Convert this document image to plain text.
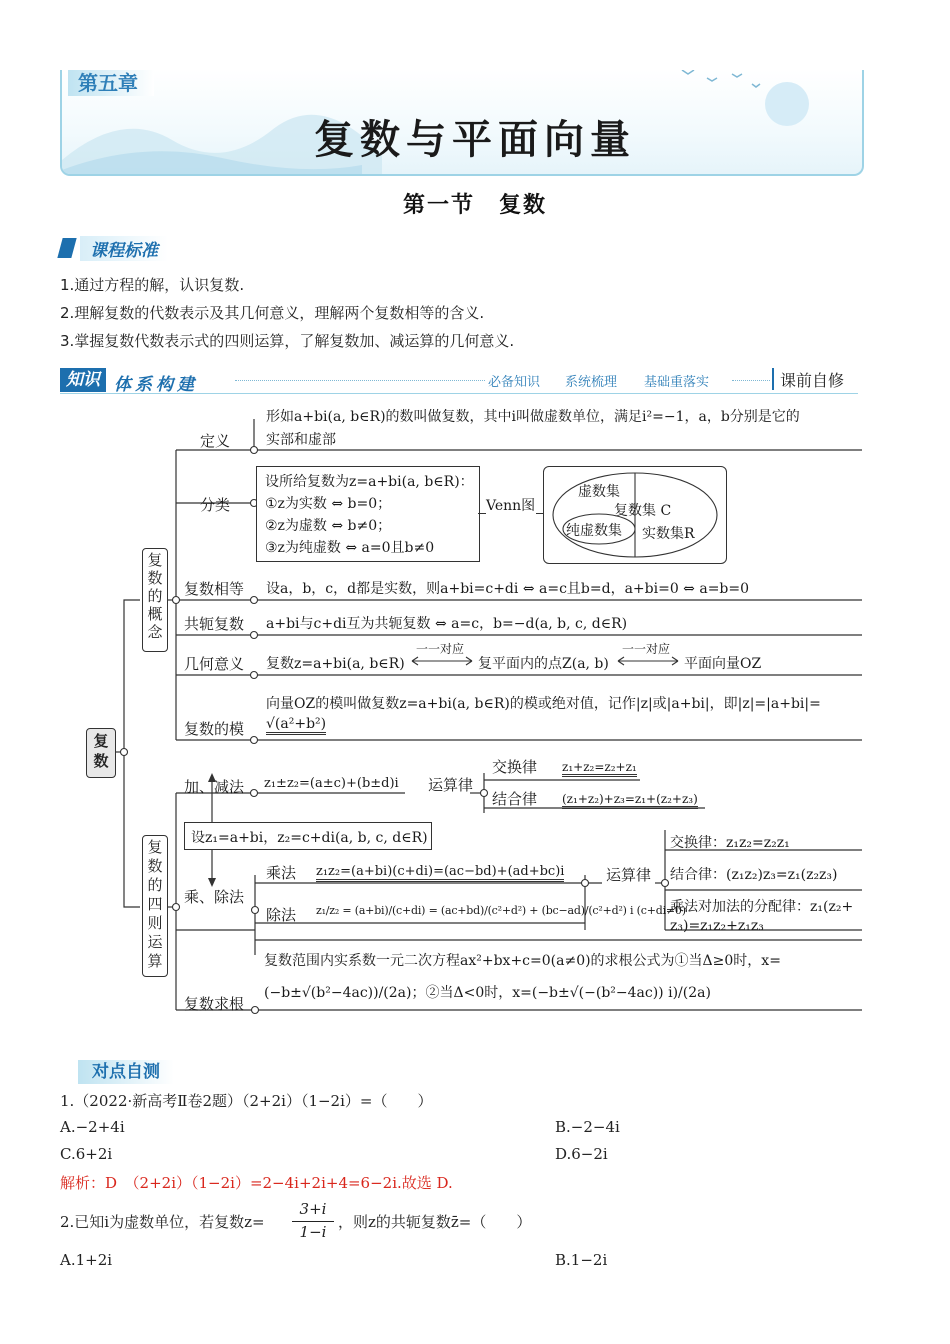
第五章
复数与平面向量
第一节　复数
课程标准
1.通过方程的解，认识复数.
2.理解复数的代数表示及其几何意义，理解两个复数相等的含义.
3.掌握复数代数表示式的四则运算，了解复数加、减运算的几何意义.
知识 体系构建	必备知识 系统梳理 基础重落实	课前自修
复数
复数的概念
复数的四则运算
定义
形如a+bi(a, b∈R)的数叫做复数，其中i叫做虚数单位，满足i²=−1，a，b分别是它的
实部和虚部
分类
设所给复数为z=a+bi(a, b∈R)：
①z为实数 ⇔ b=0；
②z为虚数 ⇔ b≠0；
③z为纯虚数 ⇔ a=0且b≠0
Venn图
虚数集
复数集 C
纯虚数集 实数集R
复数相等 设a，b，c，d都是实数，则a+bi=c+di ⇔ a=c且b=d，a+bi=0 ⇔ a=b=0
共轭复数 a+bi与c+di互为共轭复数 ⇔ a=c，b=−d(a, b, c, d∈R)
几何意义 复数z=a+bi(a, b∈R)
一一对应
复平面内的点Z(a, b)
一一对应
平面向量OZ
复数的模
向量OZ的模叫做复数z=a+bi(a, b∈R)的模或绝对值，记作|z|或|a+bi|，即|z|=|a+bi|=
√(a²+b²)
加、减法 z₁±z₂=(a±c)+(b±d)i 运算律
交换律 z₁+z₂=z₂+z₁
结合律 (z₁+z₂)+z₃=z₁+(z₂+z₃)
设z₁=a+bi，z₂=c+di(a, b, c, d∈R)
乘、除法
乘法 z₁z₂=(a+bi)(c+di)=(ac−bd)+(ad+bc)i
除法 z₁/z₂ = (a+bi)/(c+di) = (ac+bd)/(c²+d²) + (bc−ad)/(c²+d²) i (c+di≠0)
运算律
交换律：z₁z₂=z₂z₁
结合律：(z₁z₂)z₃=z₁(z₂z₃)
乘法对加法的分配律：z₁(z₂+
z₃)=z₁z₂+z₁z₃
复数求根
复数范围内实系数一元二次方程ax²+bx+c=0(a≠0)的求根公式为①当Δ≥0时，x=
(−b±√(b²−4ac))/(2a)；②当Δ<0时，x=(−b±√(−(b²−4ac)) i)/(2a)
对点自测
1.（2022·新高考Ⅱ卷2题）（2+2i）（1−2i）=（　　）
A.−2+4i	B.−2−4i
C.6+2i	D.6−2i
解析：D　（2+2i）（1−2i）=2−4i+2i+4=6−2i.故选 D.
2.已知i为虚数单位，若复数z=
3+i
1−i
，则z的共轭复数z̄=（　　）
A.1+2i	B.1−2i
